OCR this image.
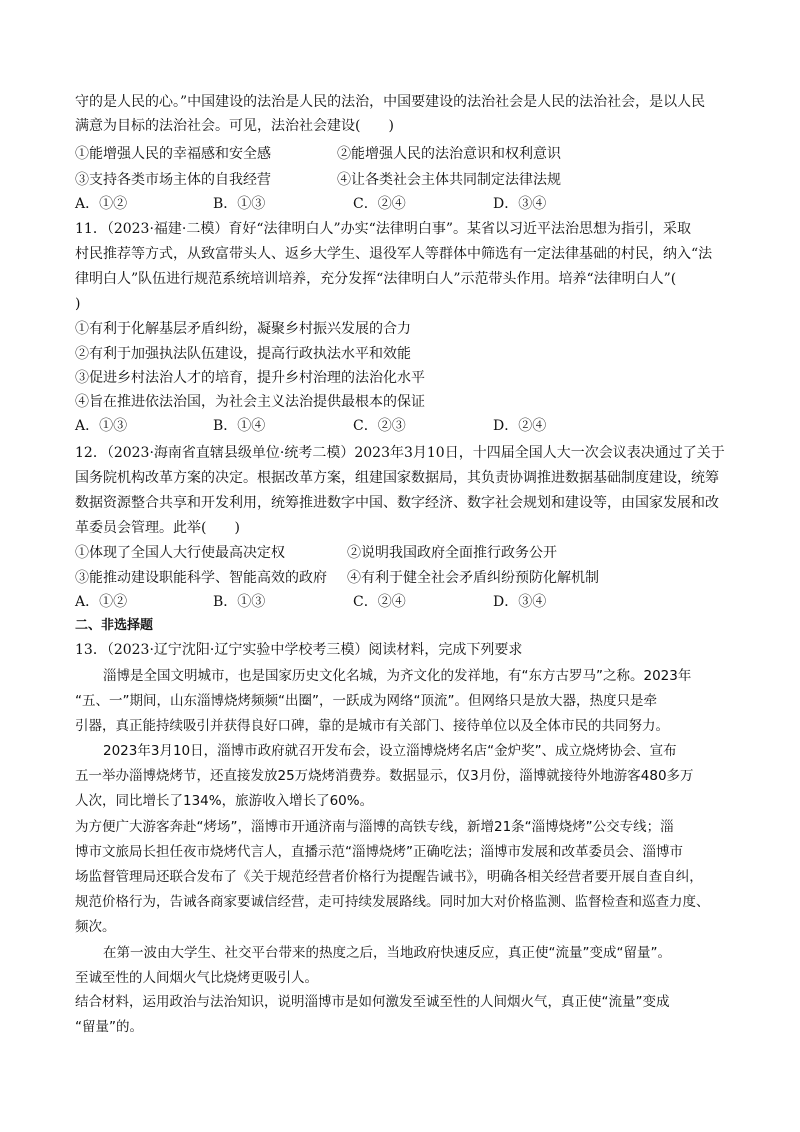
守的是人民的心。”中国建设的法治是人民的法治，中国要建设的法治社会是人民的法治社会，是以人民
满意为目标的法治社会。可见，法治社会建设(　　)
①能增强人民的幸福感和安全感	②能增强人民的法治意识和权利意识
③支持各类市场主体的自我经营	④让各类社会主体共同制定法律法规
A．①②	B．①③	C．②④	D．③④
11．（2023·福建·二模）育好“法律明白人”办实“法律明白事”。某省以习近平法治思想为指引，采取
村民推荐等方式，从致富带头人、返乡大学生、退役军人等群体中筛选有一定法律基础的村民，纳入“法
律明白人”队伍进行规范系统培训培养，充分发挥“法律明白人”示范带头作用。培养“法律明白人”(
)
①有利于化解基层矛盾纠纷，凝聚乡村振兴发展的合力
②有利于加强执法队伍建设，提高行政执法水平和效能
③促进乡村法治人才的培育，提升乡村治理的法治化水平
④旨在推进依法治国，为社会主义法治提供最根本的保证
A．①③	B．①④	C．②③	D．②④
12．（2023·海南省直辖县级单位·统考二模）2023年3月10日，十四届全国人大一次会议表决通过了关于
国务院机构改革方案的决定。根据改革方案，组建国家数据局，其负责协调推进数据基础制度建设，统筹
数据资源整合共享和开发利用，统筹推进数字中国、数字经济、数字社会规划和建设等，由国家发展和改
革委员会管理。此举(　　)
①体现了全国人大行使最高决定权	②说明我国政府全面推行政务公开
③能推动建设职能科学、智能高效的政府 ④有利于健全社会矛盾纠纷预防化解机制
A．①②	B．①③	C．②④	D．③④
二、非选择题
13．（2023·辽宁沈阳·辽宁实验中学校考三模）阅读材料，完成下列要求
淄博是全国文明城市，也是国家历史文化名城，为齐文化的发祥地，有“东方古罗马”之称。2023年
“五、一”期间，山东淄博烧烤频频“出圈”，一跃成为网络“顶流”。但网络只是放大器，热度只是牵
引器，真正能持续吸引并获得良好口碑，靠的是城市有关部门、接待单位以及全体市民的共同努力。
2023年3月10日，淄博市政府就召开发布会，设立淄博烧烤名店“金炉奖”、成立烧烤协会、宣布
五一举办淄博烧烤节，还直接发放25万烧烤消费券。数据显示，仅3月份，淄博就接待外地游客480多万
人次，同比增长了134%，旅游收入增长了60%。
为方便广大游客奔赴“烤场”，淄博市开通济南与淄博的高铁专线，新增21条“淄博烧烤”公交专线；淄
博市文旅局长担任夜市烧烤代言人，直播示范“淄博烧烤”正确吃法；淄博市发展和改革委员会、淄博市
场监督管理局还联合发布了《关于规范经营者价格行为提醒告诫书》，明确各相关经营者要开展自查自纠，
规范价格行为，告诫各商家要诚信经营，走可持续发展路线。同时加大对价格监测、监督检查和巡查力度、
频次。
在第一波由大学生、社交平台带来的热度之后，当地政府快速反应，真正使“流量”变成“留量”。
至诚至性的人间烟火气比烧烤更吸引人。
结合材料，运用政治与法治知识，说明淄博市是如何激发至诚至性的人间烟火气，真正使“流量”变成
“留量”的。
